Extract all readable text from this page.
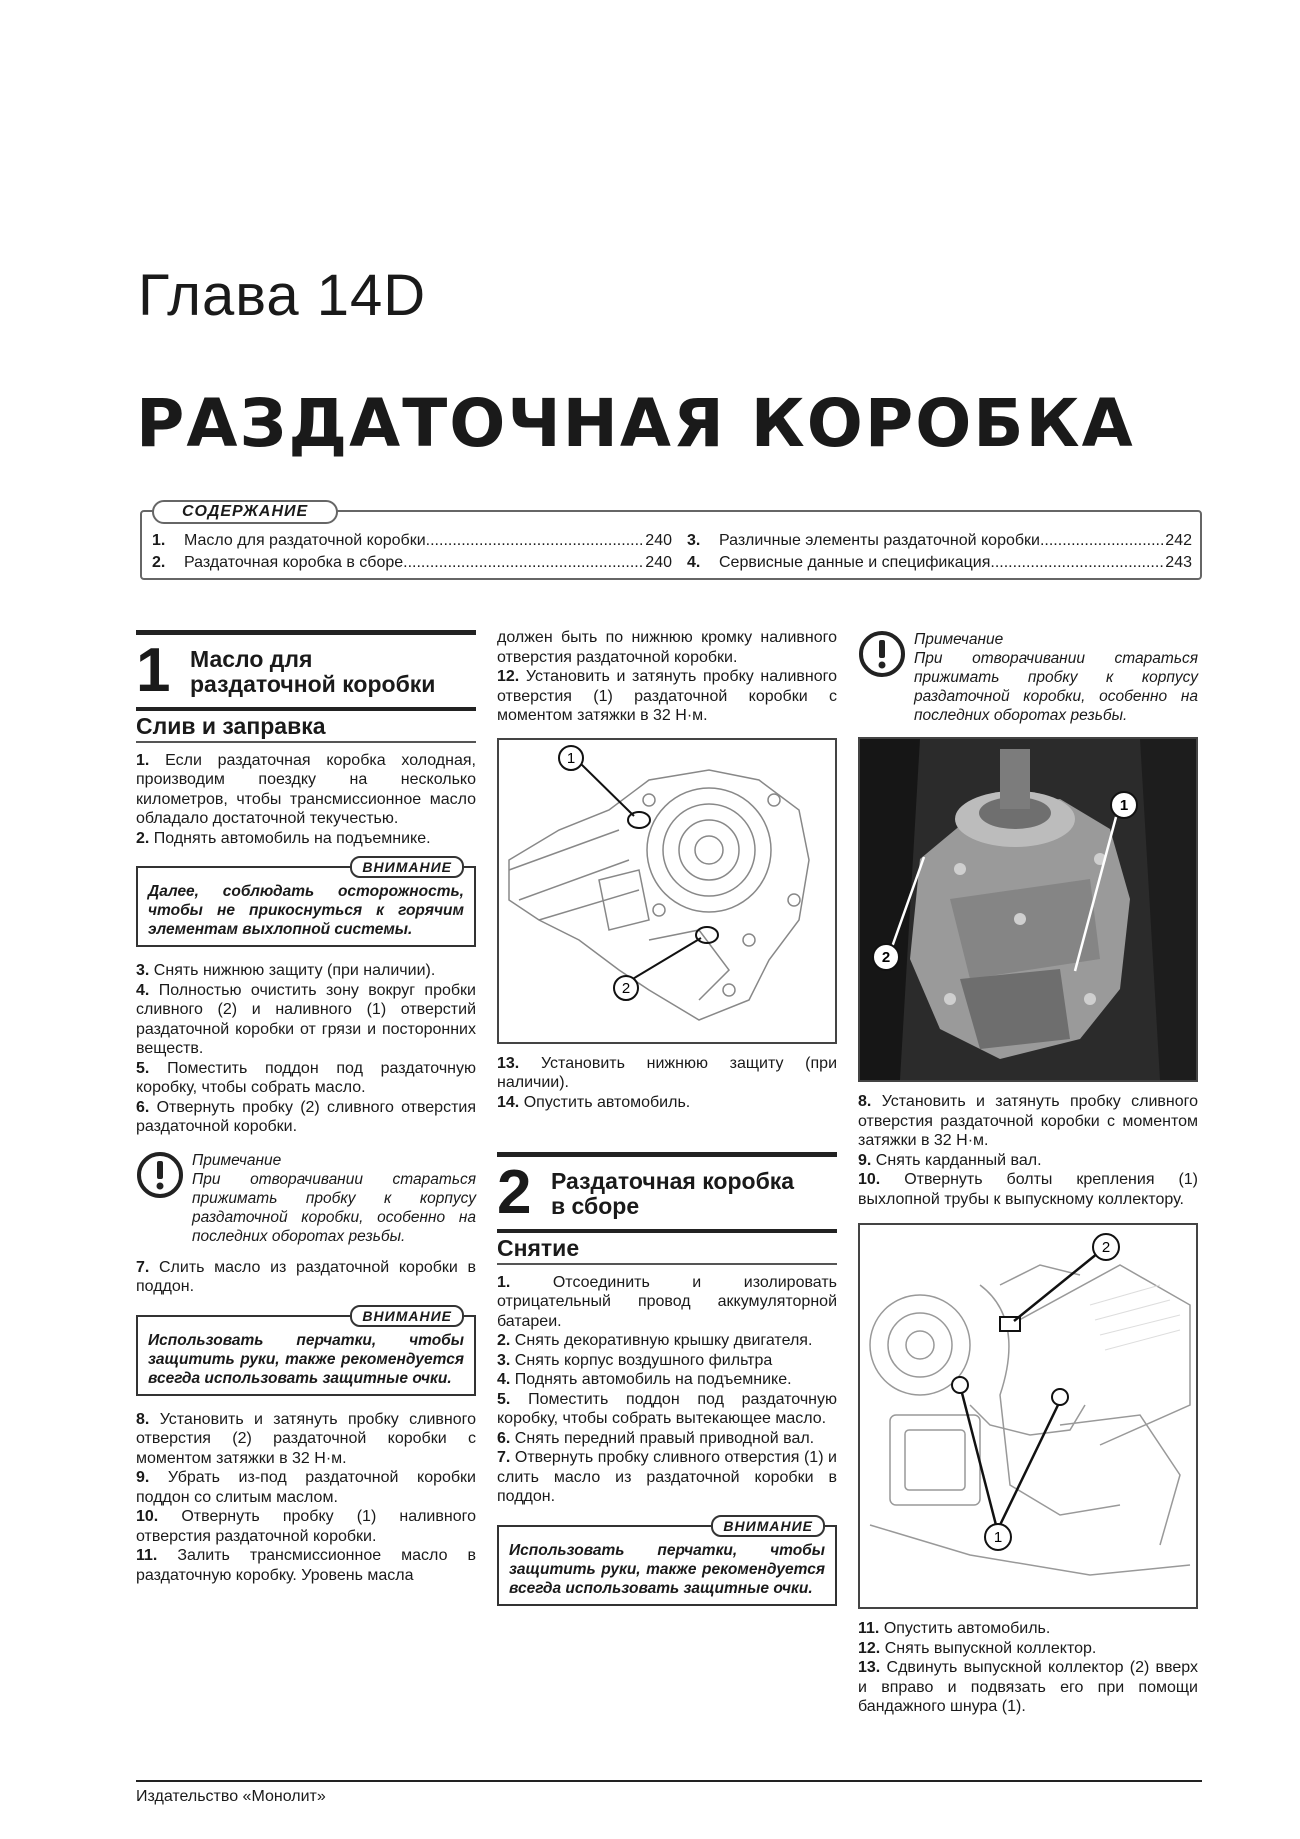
Глава 14D
РАЗДАТОЧНАЯ КОРОБКА
СОДЕРЖАНИЕ
1.	Масло для раздаточной коробки .....	240
2.	Раздаточная коробка в сборе .....	240
3.	Различные элементы раздаточной коробки .....	242
4.	Сервисные данные и спецификация .....	243
1 Масло для
раздаточной коробки
Слив и заправка

1. Если раздаточная коробка холодная, производим поездку на несколько километров, чтобы трансмиссионное масло обладало достаточной текучестью.

2. Поднять автомобиль на подъемнике.

ВНИМАНИЕ
Далее, соблюдать осторожность, чтобы не прикоснуться к горячим элементам выхлопной системы.

3. Снять нижнюю защиту (при наличии).

4. Полностью очистить зону вокруг пробки сливного (2) и наливного (1) отверстий раздаточной коробки от грязи и посторонних веществ.

5. Поместить поддон под раздаточную коробку, чтобы собрать масло.

6. Отвернуть пробку (2) сливного отверстия раздаточной коробки.

Примечание
При отворачивании стараться прижимать пробку к корпусу раздаточной коробки, особенно на последних оборотах резьбы.

7. Слить масло из раздаточной коробки в поддон.

ВНИМАНИЕ
Использовать перчатки, чтобы защитить руки, также рекомендуется всегда использовать защитные очки.

8. Установить и затянуть пробку сливного отверстия (2) раздаточной коробки с моментом затяжки в 32 Н·м.

9. Убрать из-под раздаточной коробки поддон со слитым маслом.

10. Отвернуть пробку (1) наливного отверстия раздаточной коробки.

11. Залить трансмиссионное масло в раздаточную коробку. Уровень масла

должен быть по нижнюю кромку наливного отверстия раздаточной коробки.

12. Установить и затянуть пробку наливного отверстия (1) раздаточной коробки с моментом затяжки в 32 Н·м.

1
2

13. Установить нижнюю защиту (при наличии).

14. Опустить автомобиль.

2 Раздаточная коробка
в сборе
Снятие

1.	Отсоединить и изолировать отрицательный провод аккумуляторной батареи.

2. Снять декоративную крышку двигателя.

3. Снять корпус воздушного фильтра

4. Поднять автомобиль на подъемнике.

5. Поместить поддон под раздаточную коробку, чтобы собрать вытекающее масло.

6. Снять передний правый приводной вал.

7. Отвернуть пробку сливного отверстия (1) и слить масло из раздаточной коробки в поддон.

ВНИМАНИЕ
Использовать перчатки, чтобы защитить руки, также рекомендуется всегда использовать защитные очки.
Примечание
При отворачивании стараться прижимать пробку к корпусу раздаточной коробки, особенно на последних оборотах резьбы.
1
2

8. Установить и затянуть пробку сливного отверстия раздаточной коробки с моментом затяжки в 32 Н·м.

9. Снять карданный вал.

10. Отвернуть болты крепления (1) выхлопной трубы к выпускному коллектору.

2
1

11. Опустить автомобиль.

12. Снять выпускной коллектор.

13. Сдвинуть выпускной коллектор (2) вверх и вправо и подвязать его при помощи бандажного шнура (1).

Издательство «Монолит»
